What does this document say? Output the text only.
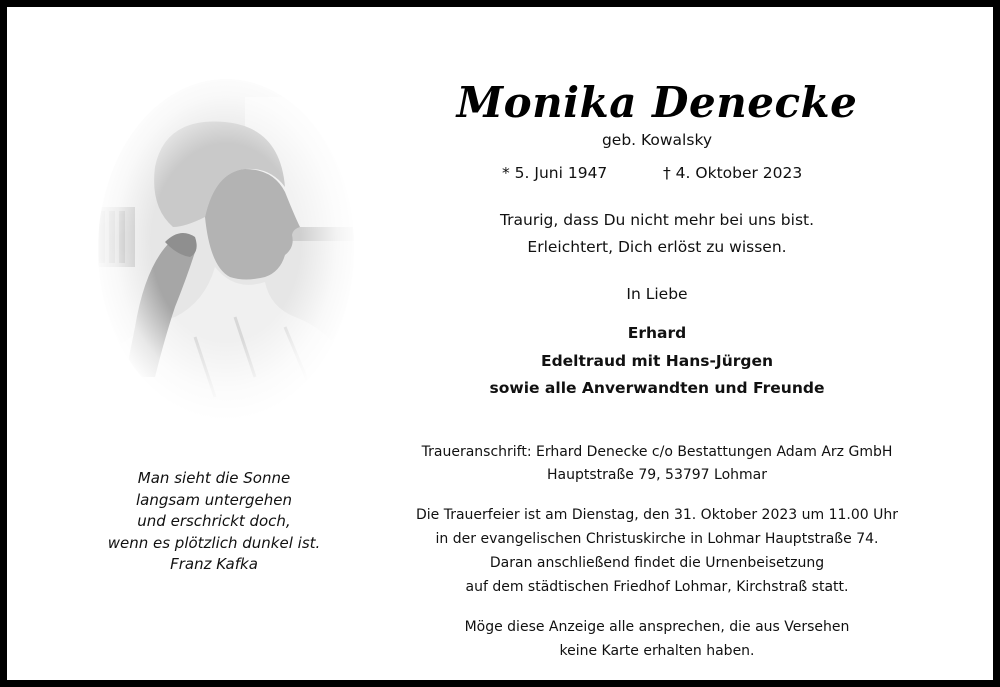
Man sieht die Sonne
langsam untergehen
und erschrickt doch,
wenn es plötzlich dunkel ist.
Franz Kafka
* 5. Juni 1947	† 4. Oktober 2023
Monika Denecke
geb. Kowalsky
Traurig, dass Du nicht mehr bei uns bist.
Erleichtert, Dich erlöst zu wissen.
In Liebe
Erhard
Edeltraud mit Hans-Jürgen
sowie alle Anverwandten und Freunde
Traueranschrift: Erhard Denecke c/o Bestattungen Adam Arz GmbH
Hauptstraße 79, 53797 Lohmar
Die Trauerfeier ist am Dienstag, den 31. Oktober 2023 um 11.00 Uhr
in der evangelischen Christuskirche in Lohmar Hauptstraße 74.
Daran anschließend findet die Urnenbeisetzung
auf dem städtischen Friedhof Lohmar, Kirchstraß statt.
Möge diese Anzeige alle ansprechen, die aus Versehen
keine Karte erhalten haben.
